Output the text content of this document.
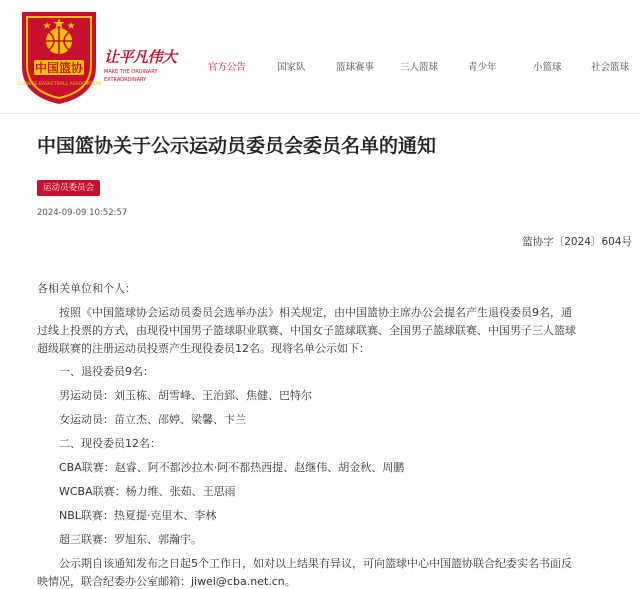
中国篮协
CHINESE BASKETBALL ASSOCIATION
让平凡伟大
MAKE THE ORDINARY
EXTRAORDINARY
官方公告	国家队	篮球赛事	三人篮球	青少年	小篮球	社会篮球
中国篮协关于公示运动员委员会委员名单的通知
运动员委员会
2024-09-09 10:52:57
篮协字〔2024〕604号
各相关单位和个人：
按照《中国篮球协会运动员委员会选举办法》相关规定，由中国篮协主席办公会提名产生退役委员9名，通
过线上投票的方式，由现役中国男子篮球职业联赛、中国女子篮球联赛、全国男子篮球联赛、中国男子三人篮球
超级联赛的注册运动员投票产生现役委员12名。现将名单公示如下：
一、退役委员9名：
男运动员：刘玉栋、胡雪峰、王治郅、焦健、巴特尔
女运动员：苗立杰、邵婷、梁馨、卞兰
二、现役委员12名：
CBA联赛：赵睿、阿不都沙拉木·阿不都热西提、赵继伟、胡金秋、周鹏
WCBA联赛：杨力维、张茹、王思雨
NBL联赛：热夏提·克里木、李林
超三联赛：罗旭东、郭瀚宇。
公示期自该通知发布之日起5个工作日，如对以上结果有异议，可向篮球中心中国篮协联合纪委实名书面反
映情况，联合纪委办公室邮箱：jiwei@cba.net.cn。
